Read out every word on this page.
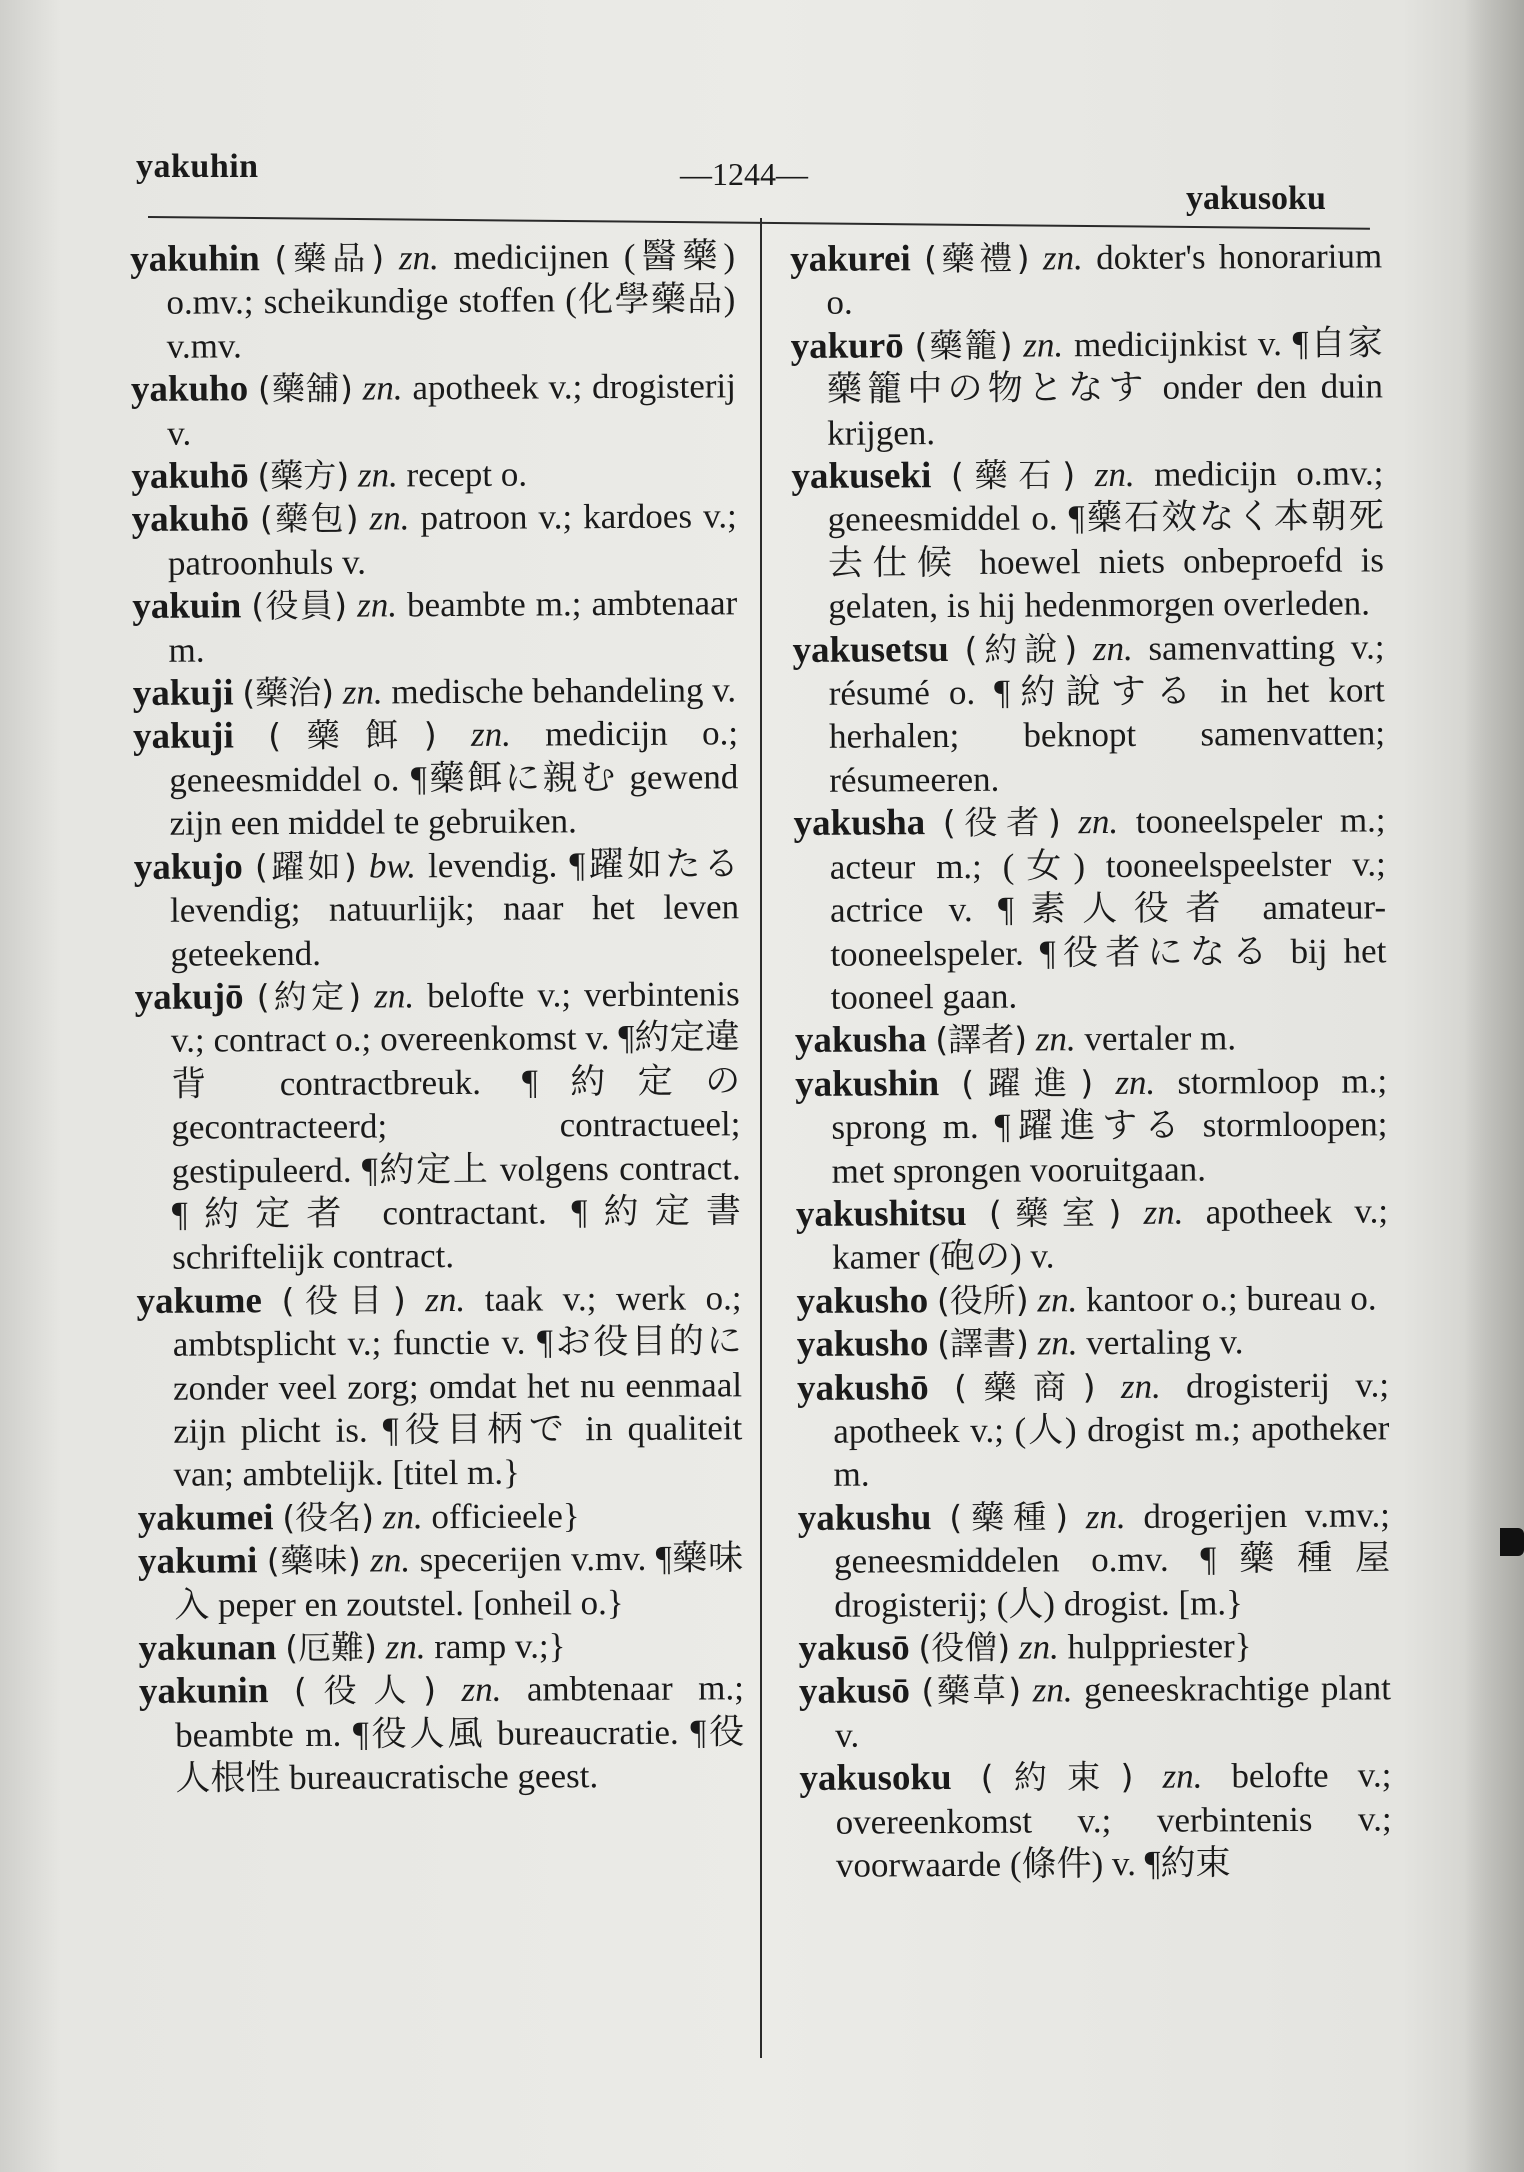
yakuhin	—1244—
yakusoku

yakuhin (藥品) zn. medicijnen (醫藥) o.mv.; scheikundige stoffen (化學藥品) v.mv.

yakuho (藥舖) zn. apotheek v.; drogisterij v.

yakuhō (藥方) zn. recept o.

yakuhō (藥包) zn. patroon v.; kardoes v.; patroonhuls v.

yakuin (役員) zn. beambte m.; ambtenaar m.

yakuji (藥治) zn. medische behandeling v.

yakuji (藥餌) zn. medicijn o.; geneesmiddel o. ¶藥餌に親む gewend zijn een middel te gebruiken.

yakujo (躍如) bw. levendig. ¶躍如たる levendig; natuurlijk; naar het leven geteekend.

yakujō (約定) zn. belofte v.; verbintenis v.; contract o.; overeenkomst v. ¶約定違背 contractbreuk. ¶約定の gecontracteerd; contractueel; gestipuleerd. ¶約定上 volgens contract. ¶約定者 contractant. ¶約定書 schriftelijk contract.

yakume (役目) zn. taak v.; werk o.; ambtsplicht v.; functie v. ¶お役目的に zonder veel zorg; omdat het nu eenmaal zijn plicht is. ¶役目柄で in qualiteit van; ambtelijk. [titel m.}

yakumei (役名) zn. officieele}

yakumi (藥味) zn. specerijen v.mv. ¶藥味入 peper en zoutstel. [onheil o.}

yakunan (厄難) zn. ramp v.;}

yakunin (役人) zn. ambtenaar m.; beambte m. ¶役人風 bureaucratie. ¶役人根性 bureaucratische geest.

yakurei (藥禮) zn. dokter's honorarium o.

yakurō (藥籠) zn. medicijnkist v. ¶自家藥籠中の物となす onder den duin krijgen.

yakuseki (藥石) zn. medicijn o.mv.; geneesmiddel o. ¶藥石效なく本朝死去仕候 hoewel niets onbeproefd is gelaten, is hij hedenmorgen overleden.

yakusetsu (約說) zn. samenvatting v.; résumé o. ¶約說する in het kort herhalen; beknopt samenvatten; résumeeren.

yakusha (役者) zn. tooneelspeler m.; acteur m.; (女) tooneelspeelster v.; actrice v. ¶素人役者 amateur-tooneelspeler. ¶役者になる bij het tooneel gaan.

yakusha (譯者) zn. vertaler m.

yakushin (躍進) zn. stormloop m.; sprong m. ¶躍進する stormloopen; met sprongen vooruitgaan.

yakushitsu (藥室) zn. apotheek v.; kamer (砲の) v.

yakusho (役所) zn. kantoor o.; bureau o.

yakusho (譯書) zn. vertaling v.

yakushō (藥商) zn. drogisterij v.; apotheek v.; (人) drogist m.; apotheker m.

yakushu (藥種) zn. drogerijen v.mv.; geneesmiddelen o.mv. ¶藥種屋 drogisterij; (人) drogist. [m.}

yakusō (役僧) zn. hulppriester}

yakusō (藥草) zn. geneeskrachtige plant v.

yakusoku (約束) zn. belofte v.; overeenkomst v.; verbintenis v.; voorwaarde (條件) v. ¶約束
